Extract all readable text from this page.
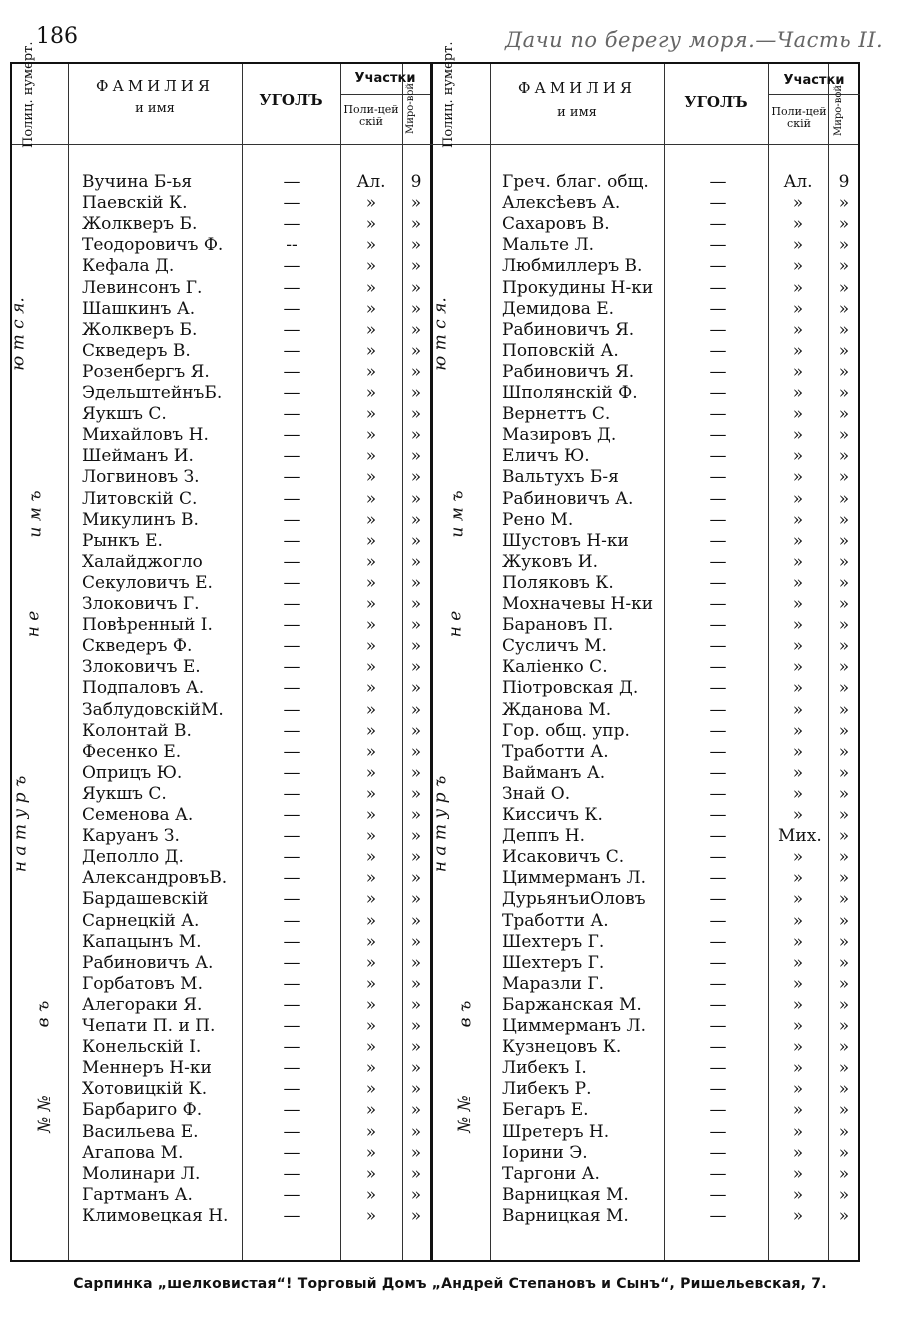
186	Дачи по берегу моря.—Часть II.
Полиц. нумерт.	ФАМИЛИЯ
и имя	УГОЛЪ
Участки
Поли-цейскій	Миро-вой	Полиц. нумерт.	ФАМИЛИЯ
и имя
УГОЛЪ
Участки
Поли-цейскій	Миро-вой
№ №
в ъ
н а т у р ъ
н е
и м ъ
ю т с я.
№ №
в ъ
н а т у р ъ
н е
и м ъ
ю т с я.
Вучина Б-ья	—	Ал.	9
Паевскій К.	—	»	»
Жолкверъ Б.	—	»	»
Теодоровичъ Ф.	--	»	»
Кефала Д.	—	»	»
Левинсонъ Г.	—	»	»
Шашкинъ А.	—	»	»
Жолкверъ Б.	—	»	»
Скведеръ В.	—	»	»
Розенбергъ Я.	—	»	»
ЭдельштейнъБ.	—	»	»
Яукшъ С.	—	»	»
Михайловъ Н.	—	»	»
Шейманъ И.	—	»	»
Логвиновъ З.	—	»	»
Литовскій С.	—	»	»
Микулинъ В.	—	»	»
Рынкъ Е.	—	»	»
Халайджогло	—	»	»
Секуловичъ Е.	—	»	»
Злоковичъ Г.	—	»	»
Повѣренный І.	—	»	»
Скведеръ Ф.	—	»	»
Злоковичъ Е.	—	»	»
Подпаловъ А.	—	»	»
ЗаблудовскійМ.	—	»	»
Колонтай В.	—	»	»
Фесенко Е.	—	»	»
Оприцъ Ю.	—	»	»
Яукшъ С.	—	»	»
Семенова А.	—	»	»
Каруанъ З.	—	»	»
Деполло Д.	—	»	»
АлександровъВ.	—	»	»
Бардашевскій	—	»	»
Сарнецкій А.	—	»	»
Капацынъ М.	—	»	»
Рабиновичъ А.	—	»	»
Горбатовъ М.	—	»	»
Алегораки Я.	—	»	»
Чепати П. и П.	—	»	»
Конельскій І.	—	»	»
Меннеръ Н-ки	—	»	»
Хотовицкій К.	—	»	»
Барбариго Ф.	—	»	»
Васильева Е.	—	»	»
Агапова М.	—	»	»
Молинари Л.	—	»	»
Гартманъ А.	—	»	»
Климовецкая Н.	—	»	»
Греч. благ. общ.	—	Ал.	9
Алексѣевъ А.	—	»	»
Сахаровъ В.	—	»	»
Мальте Л.	—	»	»
Любмиллеръ В.	—	»	»
Прокудины Н-ки	—	»	»
Демидова Е.	—	»	»
Рабиновичъ Я.	—	»	»
Поповскій А.	—	»	»
Рабиновичъ Я.	—	»	»
Шполянскій Ф.	—	»	»
Вернеттъ С.	—	»	»
Мазировъ Д.	—	»	»
Еличъ Ю.	—	»	»
Вальтухъ Б-я	—	»	»
Рабиновичъ А.	—	»	»
Рено М.	—	»	»
Шустовъ Н-ки	—	»	»
Жуковъ И.	—	»	»
Поляковъ К.	—	»	»
Мохначевы Н-ки	—	»	»
Барановъ П.	—	»	»
Сусличъ М.	—	»	»
Каліенко С.	—	»	»
Піотровская Д.	—	»	»
Жданова М.	—	»	»
Гор. общ. упр.	—	»	»
Тработти А.	—	»	»
Вайманъ А.	—	»	»
Знай О.	—	»	»
Киссичъ К.	—	»	»
Деппъ Н.	—	Мих.	»
Исаковичъ С.	—	»	»
Циммерманъ Л.	—	»	»
ДурьянъиОловъ	—	»	»
Тработти А.	—	»	»
Шехтеръ Г.	—	»	»
Шехтеръ Г.	—	»	»
Маразли Г.	—	»	»
Баржанская М.	—	»	»
Циммерманъ Л.	—	»	»
Кузнецовъ К.	—	»	»
Либекъ І.	—	»	»
Либекъ Р.	—	»	»
Бегаръ Е.	—	»	»
Шретеръ Н.	—	»	»
Іорини Э.	—	»	»
Таргони А.	—	»	»
Варницкая М.	—	»	»
Варницкая М.	—	»	»
Сарпинка „шелковистая“! Торговый Домъ „Андрей Степановъ и Сынъ“, Ришельевская, 7.
